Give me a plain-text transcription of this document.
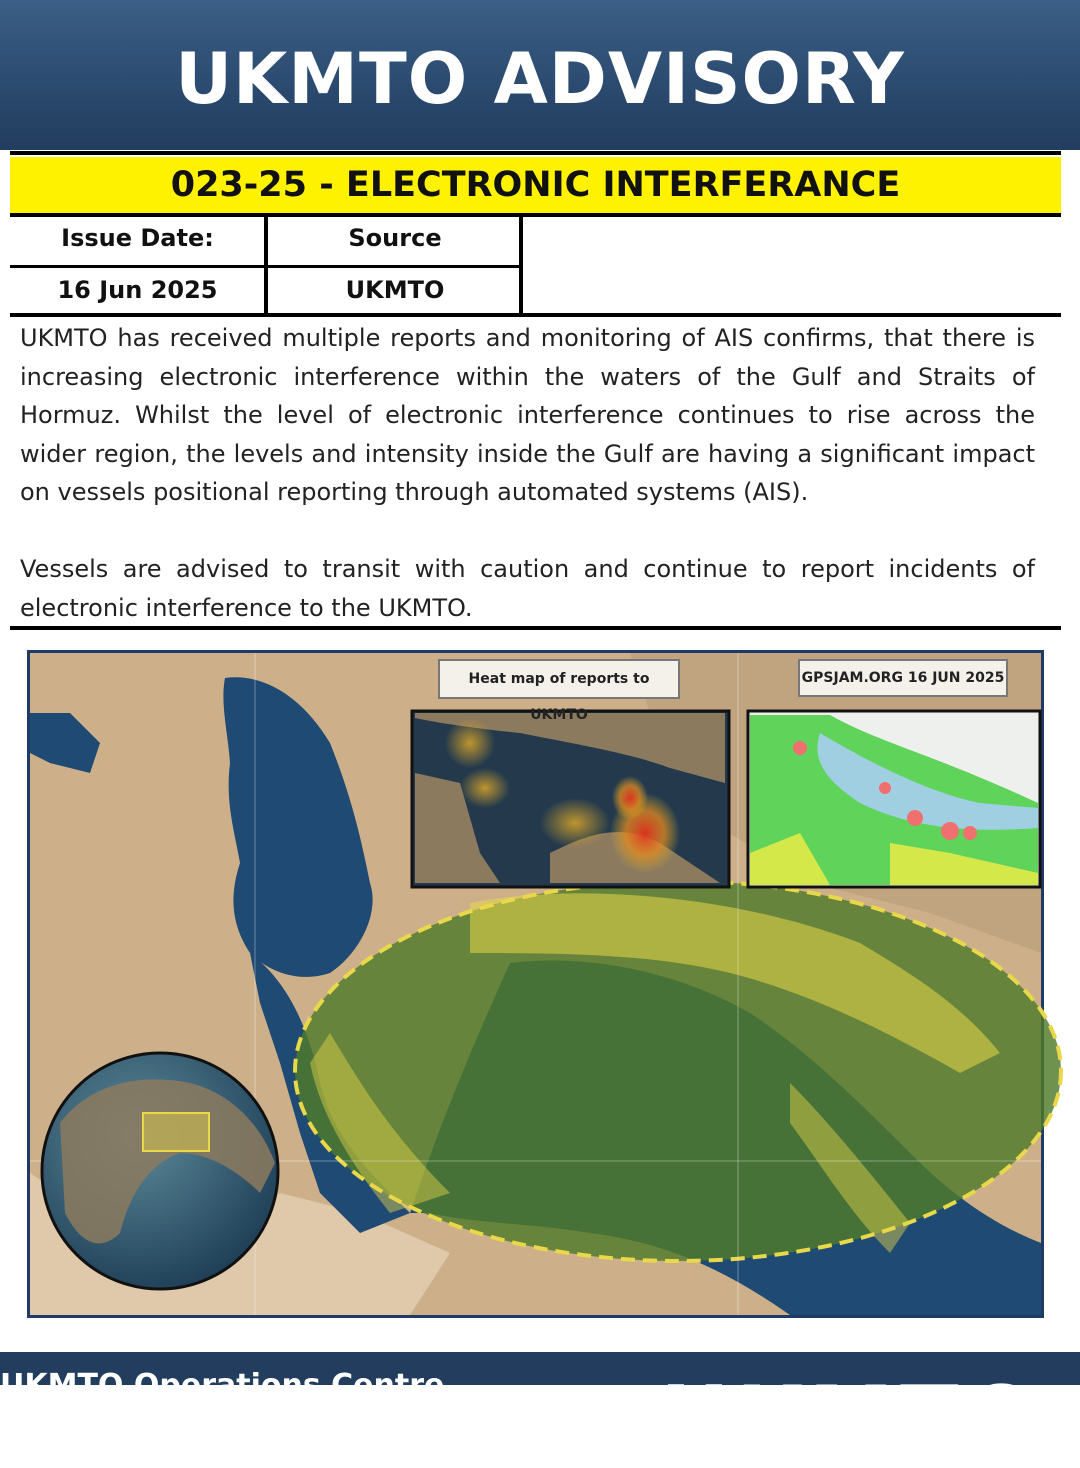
UKMTO ADVISORY
023-25 - ELECTRONIC INTERFERANCE
Issue Date:	Source
16 Jun 2025	UKMTO

UKMTO has received multiple reports and monitoring of AIS confirms, that there is increasing electronic interference within the waters of the Gulf and Straits of Hormuz. Whilst the level of electronic interference continues to rise across the wider region, the levels and intensity inside the Gulf are having a significant impact on vessels positional reporting through automated systems (AIS).

Vessels are advised to transit with caution and continue to report incidents of electronic interference to the UKMTO.

Heat map of reports to UKMTO
GPSJAM.ORG 16 JUN 2025
UKMTO Operations Centre	UKMTO
